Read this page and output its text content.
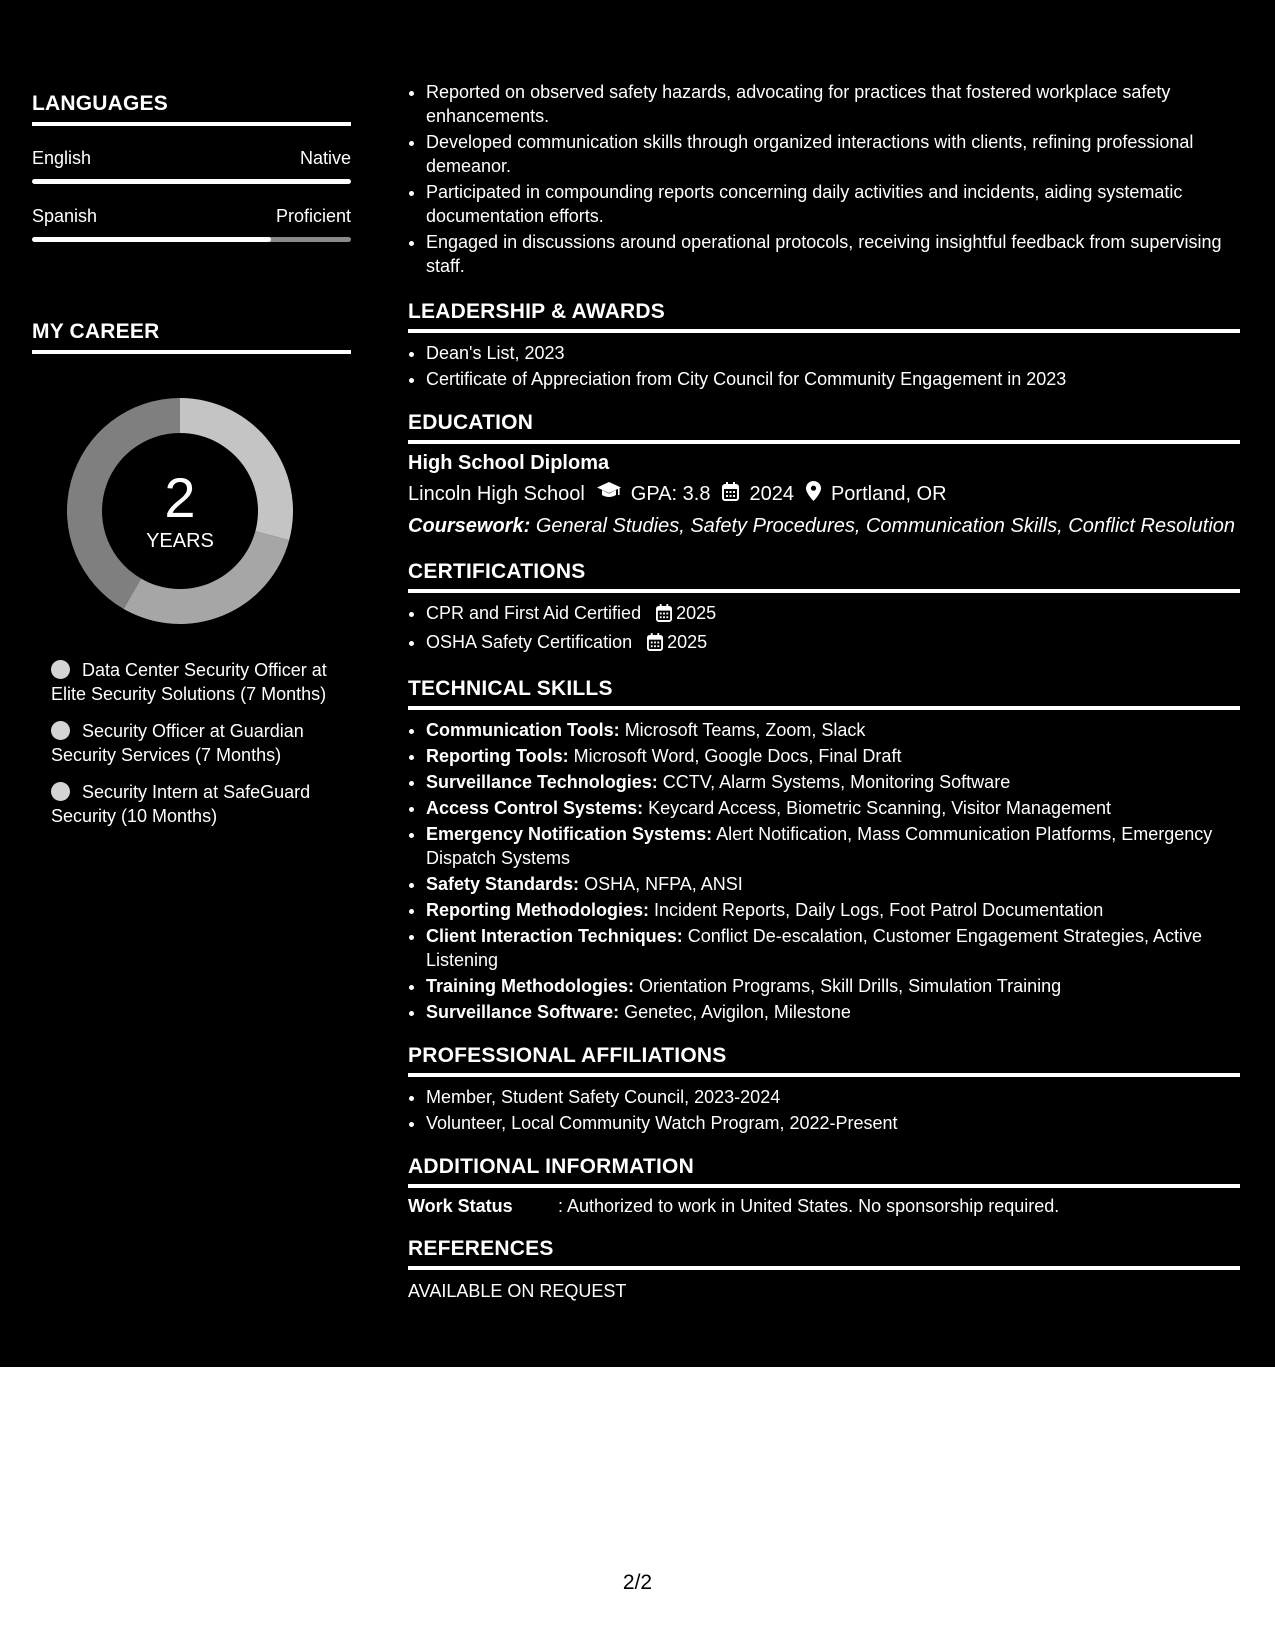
LANGUAGES
English	Native
Spanish	Proficient
MY CAREER
2
YEARS
Data Center Security Officer at Elite Security Solutions (7 Months)
Security Officer at Guardian Security Services (7 Months)
Security Intern at SafeGuard Security (10 Months)
• Reported on observed safety hazards, advocating for practices that fostered workplace safety enhancements.
• Developed communication skills through organized interactions with clients, refining professional demeanor.
• Participated in compounding reports concerning daily activities and incidents, aiding systematic documentation efforts.
• Engaged in discussions around operational protocols, receiving insightful feedback from supervising staff.
LEADERSHIP & AWARDS
• Dean's List, 2023
• Certificate of Appreciation from City Council for Community Engagement in 2023
EDUCATION
High School Diploma
Lincoln High School GPA: 3.8 2024 Portland, OR
Coursework: General Studies, Safety Procedures, Communication Skills, Conflict Resolution
CERTIFICATIONS
• CPR and First Aid Certified 2025
• OSHA Safety Certification 2025
TECHNICAL SKILLS
• Communication Tools: Microsoft Teams, Zoom, Slack
• Reporting Tools: Microsoft Word, Google Docs, Final Draft
• Surveillance Technologies: CCTV, Alarm Systems, Monitoring Software
• Access Control Systems: Keycard Access, Biometric Scanning, Visitor Management
• Emergency Notification Systems: Alert Notification, Mass Communication Platforms, Emergency Dispatch Systems
• Safety Standards: OSHA, NFPA, ANSI
• Reporting Methodologies: Incident Reports, Daily Logs, Foot Patrol Documentation
• Client Interaction Techniques: Conflict De-escalation, Customer Engagement Strategies, Active Listening
• Training Methodologies: Orientation Programs, Skill Drills, Simulation Training
• Surveillance Software: Genetec, Avigilon, Milestone
PROFESSIONAL AFFILIATIONS
• Member, Student Safety Council, 2023-2024
• Volunteer, Local Community Watch Program, 2022-Present
ADDITIONAL INFORMATION
Work Status	: Authorized to work in United States. No sponsorship required.
REFERENCES
AVAILABLE ON REQUEST
2/2
